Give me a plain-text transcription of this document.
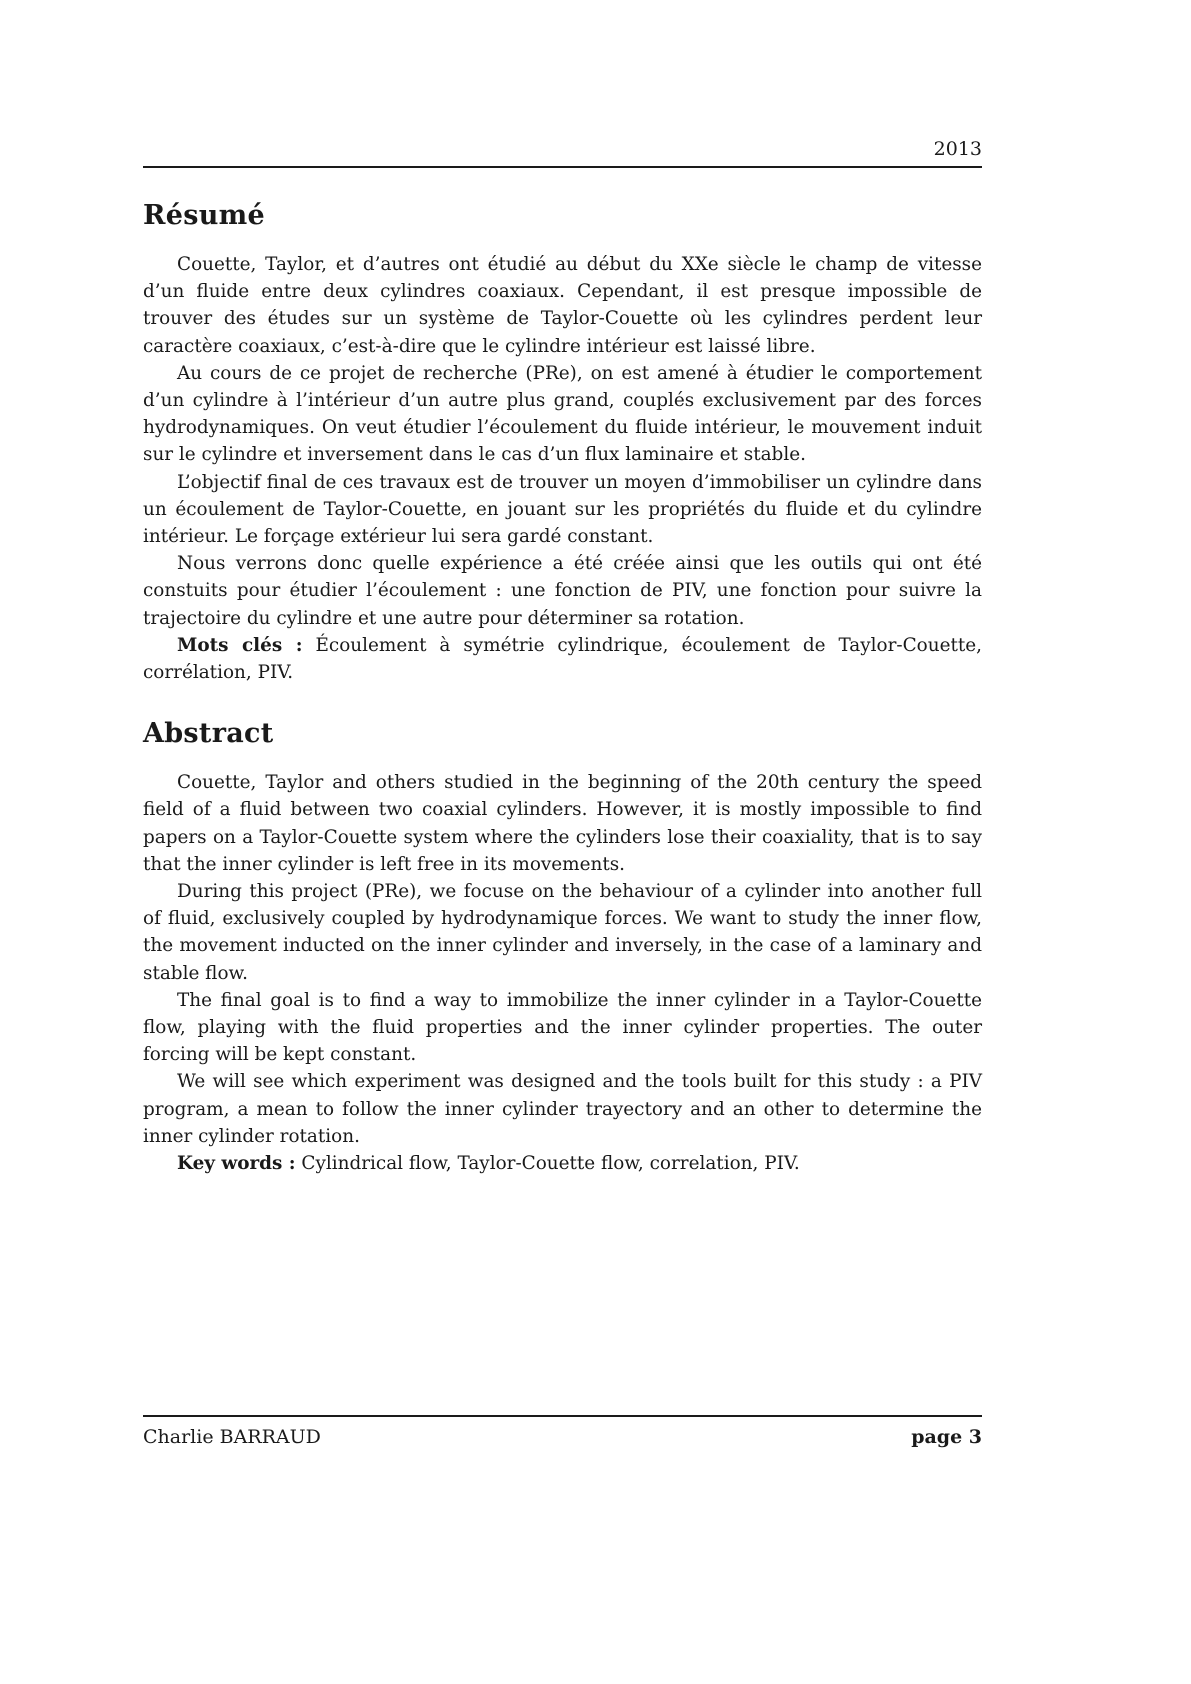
2013
Résumé

Couette, Taylor, et d’autres ont étudié au début du XXe siècle le champ de vitesse d’un fluide entre deux cylindres coaxiaux. Cependant, il est presque impossible de trouver des études sur un système de Taylor-Couette où les cylindres perdent leur caractère coaxiaux, c’est-à-dire que le cylindre intérieur est laissé libre.

Au cours de ce projet de recherche (PRe), on est amené à étudier le comportement d’un cylindre à l’intérieur d’un autre plus grand, couplés exclusivement par des forces hydrodynamiques. On veut étudier l’écoulement du fluide intérieur, le mouvement induit sur le cylindre et inversement dans le cas d’un flux laminaire et stable.

L’objectif final de ces travaux est de trouver un moyen d’immobiliser un cylindre dans un écoulement de Taylor-Couette, en jouant sur les propriétés du fluide et du cylindre intérieur. Le forçage extérieur lui sera gardé constant.

Nous verrons donc quelle expérience a été créée ainsi que les outils qui ont été constuits pour étudier l’écoulement : une fonction de PIV, une fonction pour suivre la trajectoire du cylindre et une autre pour déterminer sa rotation.

Mots clés : Écoulement à symétrie cylindrique, écoulement de Taylor-Couette, corrélation, PIV.

Abstract

Couette, Taylor and others studied in the beginning of the 20th century the speed field of a fluid between two coaxial cylinders. However, it is mostly impossible to find papers on a Taylor-Couette system where the cylinders lose their coaxiality, that is to say that the inner cylinder is left free in its movements.

During this project (PRe), we focuse on the behaviour of a cylinder into another full of fluid, exclusively coupled by hydrodynamique forces. We want to study the inner flow, the movement inducted on the inner cylinder and inversely, in the case of a laminary and stable flow.

The final goal is to find a way to immobilize the inner cylinder in a Taylor-Couette flow, playing with the fluid properties and the inner cylinder properties. The outer forcing will be kept constant.

We will see which experiment was designed and the tools built for this study : a PIV program, a mean to follow the inner cylinder trayectory and an other to determine the inner cylinder rotation.

Key words : Cylindrical flow, Taylor-Couette flow, correlation, PIV.

Charlie BARRAUD	page 3
